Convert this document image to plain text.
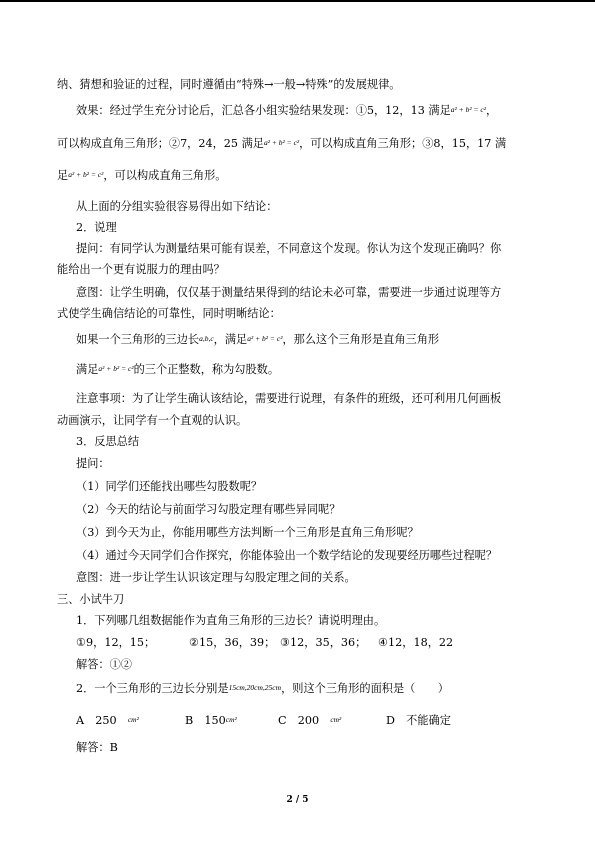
纳、猜想和验证的过程，同时遵循由“特殊→一般→特殊”的发展规律。
效果：经过学生充分讨论后，汇总各小组实验结果发现：①5，12，13 满足a² + b² = c²，
可以构成直角三角形；②7，24，25 满足a² + b² = c²，可以构成直角三角形；③8，15，17 满
足a² + b² = c²，可以构成直角三角形。
从上面的分组实验很容易得出如下结论：
2．说理
提问：有同学认为测量结果可能有误差，不同意这个发现。你认为这个发现正确吗？你
能给出一个更有说服力的理由吗？
意图：让学生明确，仅仅基于测量结果得到的结论未必可靠，需要进一步通过说理等方
式使学生确信结论的可靠性，同时明晰结论：
如果一个三角形的三边长a,b,c，满足a² + b² = c²，那么这个三角形是直角三角形
满足a² + b² = c²的三个正整数，称为勾股数。
注意事项：为了让学生确认该结论，需要进行说理，有条件的班级，还可利用几何画板
动画演示，让同学有一个直观的认识。
3．反思总结
提问：
（1）同学们还能找出哪些勾股数呢？
（2）今天的结论与前面学习勾股定理有哪些异同呢？
（3）到今天为止，你能用哪些方法判断一个三角形是直角三角形呢？
（4）通过今天同学们合作探究，你能体验出一个数学结论的发现要经历哪些过程呢？
意图：进一步让学生认识该定理与勾股定理之间的关系。
三、小试牛刀
1．下列哪几组数据能作为直角三角形的三边长？请说明理由。
①9，12，15；	②15，36，39； ③12，35，36； ④12，18，22
解答：①②
2．一个三角形的三边长分别是15cm,20cm,25cm，则这个三角形的面积是（　　）
A　250　 cm²	B　150cm²	C　200　 cm²	D　不能确定
解答：B
2 / 5
